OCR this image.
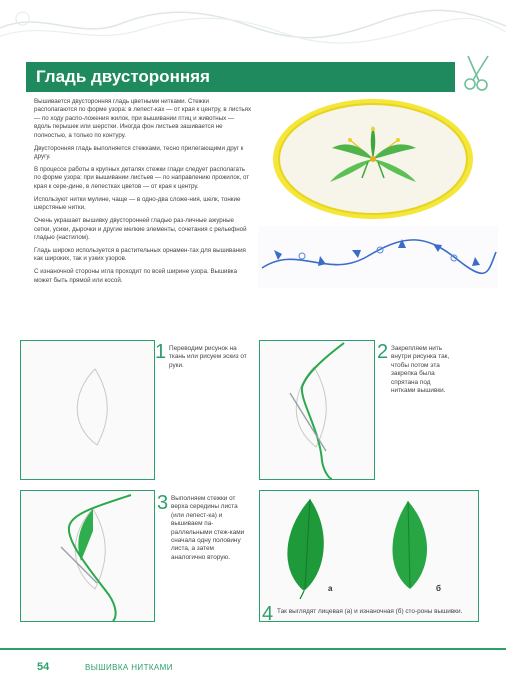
Гладь двусторонняя

Вышивается двусторонняя гладь цветными нитками. Стежки располагаются по форме узора: в лепест-ках — от края к центру, в листьях — по ходу распо-ложения жилок, при вышивании птиц и животных — вдоль перышек или шерстки. Иногда фон листьев зашивается не полностью, а только по контуру.

Двусторонняя гладь выполняется стежками, тесно прилегающими друг к другу.

В процессе работы в крупных деталях стежки глади следует располагать по форме узора: при вышивании листьев — по направлению прожилок, от края к сере-дине, в лепестках цветов — от края к центру.

Используют нитки мулине, чаще — в одно-два сложе-ния, шелк, тонкие шерстяные нитки.

Очень украшает вышивку двусторонней гладью раз-личные ажурные сетки, усики, дырочки и другие мелкие элементы, сочетания с рельефной гладью (настилом).

Гладь широко используется в растительных орнамен-тах для вышивания как широких, так и узких узоров.

С изнаночной стороны игла проходит по всей ширине узора. Вышивка может быть прямой или косой.

1 Переводим рисунок на ткань или рисуем эскиз от руки.
2 Закрепляем нить внутри рисунка так, чтобы потом эта закрепка была спрятана под нитками вышивки.
3 Выполняем стежки от верха середины листа (или лепест-ка) и вышиваем па-раллельными стеж-ками сначала одну половину листа, а затем аналогично вторую.
а	б
4 Так выглядят лицевая (а) и изнаночная (б) сто-роны вышивки.
54	ВЫШИВКА НИТКАМИ
